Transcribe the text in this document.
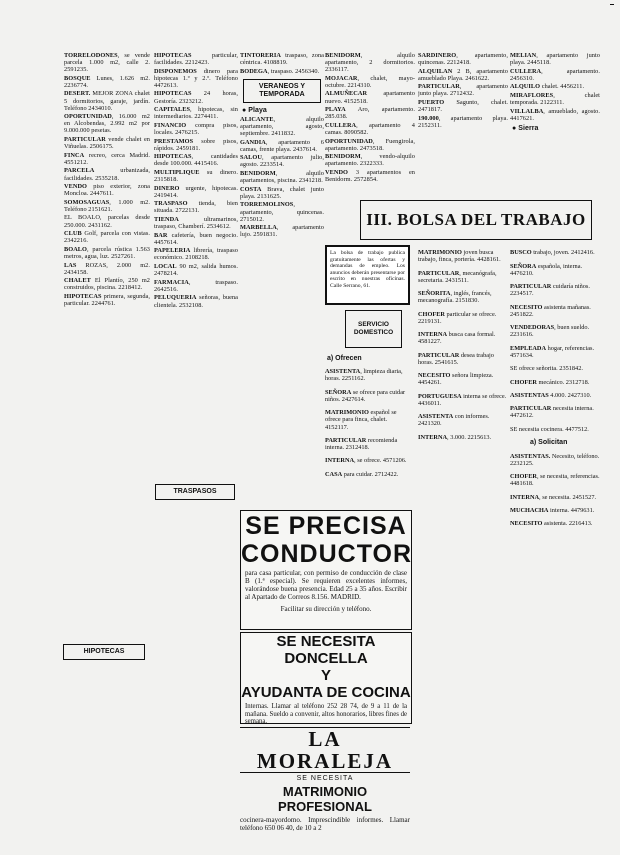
TORRELODONES, se vende parcela 1.000 m2, calle 2. 2591235.

BOSQUE Lunes, 1.626 m2. 2236774.

DESERT. MEJOR ZONA chalet 5 dormitorios, garaje, jardín. Teléfono 2434010.

OPORTUNIDAD, 16.000 m2 en Alcobendas, 2.992 m2 por 9.000.000 pesetas.

PARTICULAR vende chalet en Viñuelas. 2506175.

FINCA recreo, cerca Madrid. 4551212.

PARCELA urbanizada, facilidades. 2535218.

VENDO piso exterior, zona Moncloa. 2447611.

SOMOSAGUAS, 1.000 m2. Teléfono 2151621.

EL BOALO, parcelas desde 250.000. 2431162.

CLUB Golf, parcela con vistas. 2342216.

BOALO, parcela rústica 1.563 metros, agua, luz. 2527261.

LAS ROZAS, 2.000 m2. 2434158.

CHALET El Plantío, 250 m2 construidos, piscina. 2218412.

HIPOTECAS primera, segunda, particular. 2244761.

HIPOTECAS particular, facilidades. 2212423.

DISPONEMOS dinero para hipotecas 1.º y 2.º. Teléfono 4472613.

HIPOTECAS 24 horas, Gestoría. 2323212.

CAPITALES, hipotecas, sin intermediarios. 2274411.

FINANCIO compra pisos, locales. 2476215.

PRESTAMOS sobre pisos, rápidos. 2459181.

HIPOTECAS, cantidades desde 100.000. 4415416.

MULTIPLIQUE su dinero. 2315818.

DINERO urgente, hipotecas. 2419414.

TRASPASO tienda, bien situada. 2722131.

TIENDA ultramarinos, traspaso, Chamberí. 2534612.

BAR cafetería, buen negocio. 4457614.

PAPELERIA librería, traspaso económico. 2108218.

LOCAL 90 m2, salida humos. 2478214.

FARMACIA, traspaso. 2642516.

PELUQUERIA señoras, buena clientela. 2532108.

TINTORERIA traspaso, zona céntrica. 4108819.

BODEGA, traspaso. 2456340.

VERANEOS Y TEMPORADA
● Playa

ALICANTE, alquilo apartamento, agosto, septiembre. 2411832.

GANDIA, apartamento 6 camas, frente playa. 2437614.

SALOU, apartamento julio, agosto. 2233514.

BENIDORM, alquilo apartamentos, piscina. 2341218.

COSTA Brava, chalet junto playa. 2131625.

TORREMOLINOS, apartamento, quincenas. 2715012.

MARBELLA, apartamento lujo. 2591831.

BENIDORM, alquilo apartamento, 2 dormitorios. 2336117.

MOJACAR, chalet, mayo-octubre. 2214310.

ALMUÑECAR apartamento nuevo. 4152518.

PLAYA Aro, apartamento. 285.038.

CULLERA, apartamento 4 camas. 8090582.

OPORTUNIDAD, Fuengirola, apartamento. 2473518.

BENIDORM, vendo-alquilo apartamento. 2322333.

VENDO 3 apartamentos en Benidorm. 2572854.

SARDINERO, apartamento, quincenas. 2212418.

ALQUILAN 2 B, apartamento amueblado Playa. 2461622.

PARTICULAR, apartamento junto playa. 2712432.

PUERTO Sagunto, chalet. 2471817.

190.000, apartamento playa. 2152311.

MELIAN, apartamento junto playa. 2445118.

CULLERA, apartamento. 2456310.

ALQUILO chalet. 4456211.

MIRAFLORES, chalet temporada. 2122311.

VILLALBA, amueblado, agosto. 4417621.

● Sierra
III. BOLSA DEL TRABAJO
La bolsa de trabajo publica gratuitamente las ofertas y demandas de empleo. Los anuncios deberán presentarse por escrito en nuestras oficinas. Calle Serrano, 61.
SERVICIO DOMESTICO
a) Ofrecen

ASISTENTA, limpieza diaria, horas. 2251162.

SEÑORA se ofrece para cuidar niños. 2427614.

MATRIMONIO español se ofrece para finca, chalet. 4152117.

PARTICULAR recomienda interna. 2312418.

INTERNA, se ofrece. 4571206.

CASA para cuidar. 2712422.

MATRIMONIO joven busca trabajo, finca, portería. 4428161.

PARTICULAR, mecanógrafa, secretaria. 2431511.

SEÑORITA, inglés, francés, mecanografía. 2151830.

CHOFER particular se ofrece. 2219131.

INTERNA busca casa formal. 4581227.

PARTICULAR desea trabajo horas. 2541615.

NECESITO señora limpieza. 4454261.

PORTUGUESA interna se ofrece. 4436011.

ASISTENTA con informes. 2421320.

INTERNA, 3.000. 2215613.

BUSCO trabajo, joven. 2412416.

SEÑORA española, interna. 4476210.

PARTICULAR cuidaría niños. 2234517.

NECESITO asistenta mañanas. 2451822.

VENDEDORAS, buen sueldo. 2231616.

EMPLEADA hogar, referencias. 4571634.

SE ofrece señorita. 2351842.

CHOFER mecánico. 2312718.

ASISTENTAS 4.000. 2427310.

PARTICULAR necesita interna. 4472612.

SE necesita cocinera. 4477512.

a) Solicitan

ASISTENTAS. Necesito, teléfono. 2232125.

CHOFER, se necesita, referencias. 4481618.

INTERNA, se necesita. 2451527.

MUCHACHA interna. 4479631.

NECESITO asistenta. 2216413.

TRASPASOS
HIPOTECAS
SE PRECISA
CONDUCTOR
para casa particular, con permiso de conducción de clase B (1.ª especial). Se requieren excelentes informes, valorándose buena presencia. Edad 25 a 35 años. Escribir al Apartado de Correos 8.156. MADRID.
Facilitar su dirección y teléfono.
SE NECESITA DONCELLA
Y
AYUDANTA DE COCINA
Internas. Llamar al teléfono 252 28 74, de 9 a 11 de la mañana. Sueldo a convenir, altos honorarios, libres fines de semana.
LA MORALEJA
SE NECESITA
MATRIMONIO PROFESIONAL
cocinera-mayordomo. Imprescindible informes. Llamar teléfono 650 06 40, de 10 a 2
